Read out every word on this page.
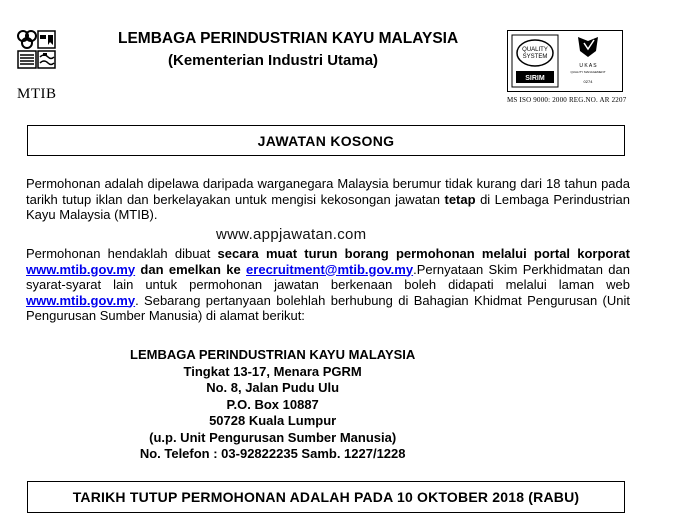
MTIB
LEMBAGA PERINDUSTRIAN KAYU MALAYSIA
(Kementerian Industri Utama)
QUALITY
SYSTEM
SIRIM
U K A S
QUALITY MANAGEMENT
0274
MS ISO 9000: 2000 REG.NO. AR 2207
JAWATAN KOSONG
Permohonan adalah dipelawa daripada warganegara Malaysia berumur tidak kurang dari 18 tahun pada tarikh tutup iklan dan berkelayakan untuk mengisi kekosongan jawatan tetap di Lembaga Perindustrian Kayu Malaysia (MTIB).
www.appjawatan.com
Permohonan hendaklah dibuat secara muat turun borang permohonan melalui portal korporat www.mtib.gov.my dan emelkan ke erecruitment@mtib.gov.my.Pernyataan Skim Perkhidmatan dan syarat-syarat lain untuk permohonan jawatan berkenaan boleh didapati melalui laman web www.mtib.gov.my. Sebarang pertanyaan bolehlah berhubung di Bahagian Khidmat Pengurusan (Unit Pengurusan Sumber Manusia) di alamat berikut:
LEMBAGA PERINDUSTRIAN KAYU MALAYSIA
Tingkat 13-17, Menara PGRM
No. 8, Jalan Pudu Ulu
P.O. Box 10887
50728 Kuala Lumpur
(u.p. Unit Pengurusan Sumber Manusia)
No. Telefon : 03-92822235 Samb. 1227/1228
TARIKH TUTUP PERMOHONAN ADALAH PADA 10 OKTOBER 2018 (RABU)
